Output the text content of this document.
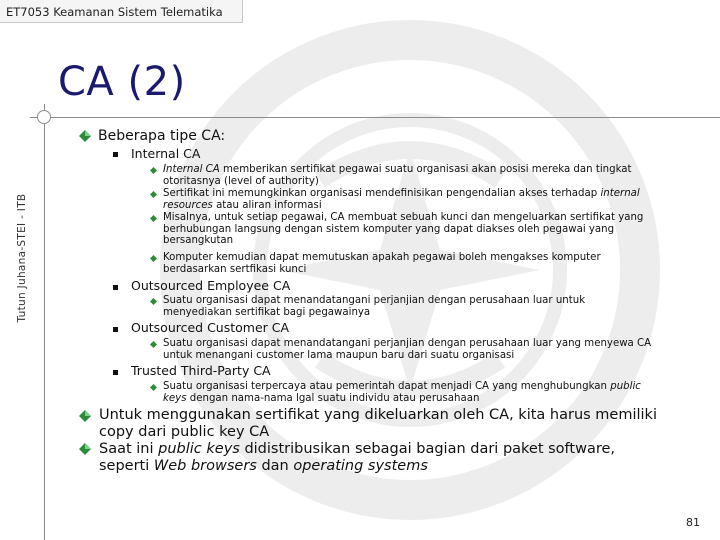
ET7053 Keamanan Sistem Telematika
CA (2)
Tutun Juhana-STEI - ITB
Beberapa tipe CA:
Internal CA
Internal CA memberikan sertifikat pegawai suatu organisasi akan posisi mereka dan tingkat otoritasnya (level of authority)
Sertifikat ini memungkinkan organisasi mendefinisikan pengendalian akses terhadap internal resources atau aliran informasi
Misalnya, untuk setiap pegawai, CA membuat sebuah kunci dan mengeluarkan sertifikat yang berhubungan langsung dengan sistem komputer yang dapat diakses oleh pegawai yang bersangkutan
Komputer kemudian dapat memutuskan apakah pegawai boleh mengakses komputer berdasarkan sertfikasi kunci
Outsourced Employee CA
Suatu organisasi dapat menandatangani perjanjian dengan perusahaan luar untuk menyediakan sertifikat bagi pegawainya
Outsourced Customer CA
Suatu organisasi dapat menandatangani perjanjian dengan perusahaan luar yang menyewa CA untuk menangani customer lama maupun baru dari suatu organisasi
Trusted Third-Party CA
Suatu organisasi terpercaya atau pemerintah dapat menjadi CA yang menghubungkan public keys dengan nama-nama lgal suatu individu atau perusahaan
Untuk menggunakan sertifikat yang dikeluarkan oleh CA, kita harus memiliki copy dari public key CA
Saat ini public keys didistribusikan sebagai bagian dari paket software, seperti Web browsers dan operating systems
81
